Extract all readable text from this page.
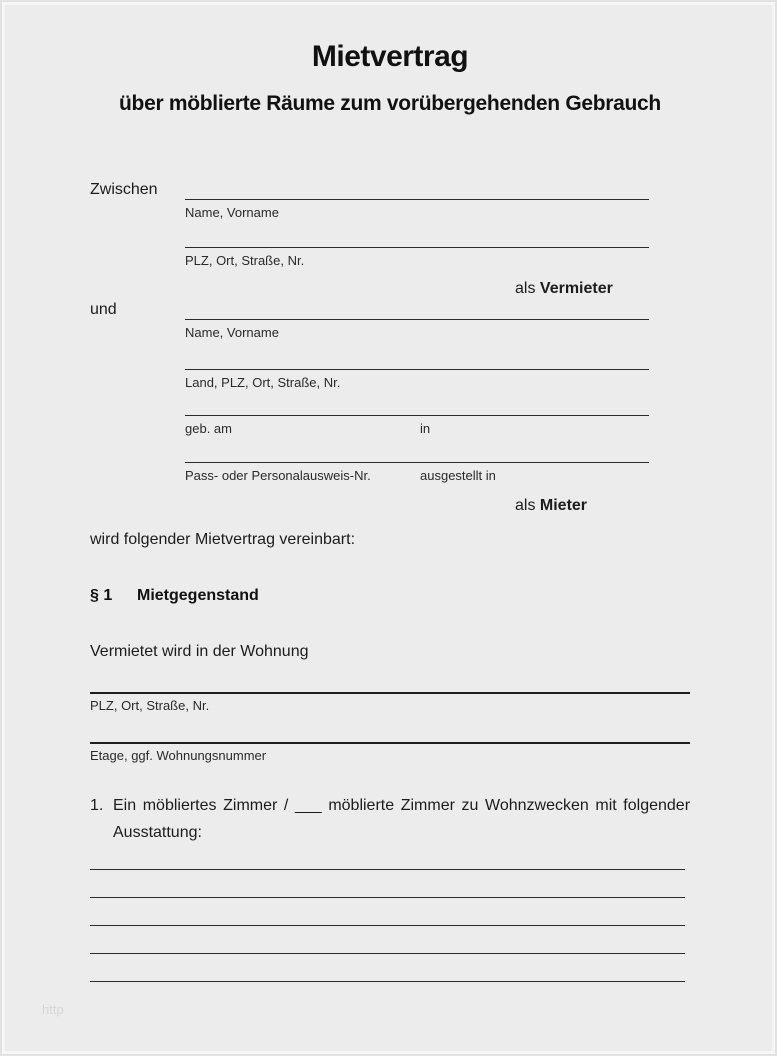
Mietvertrag
über möblierte Räume zum vorübergehenden Gebrauch
Zwischen
Name, Vorname
PLZ, Ort, Straße, Nr.
als Vermieter
und
Name, Vorname
Land, PLZ, Ort, Straße, Nr.
geb. am	in
Pass- oder Personalausweis-Nr.	ausgestellt in
als Mieter

wird folgender Mietvertrag vereinbart:

§ 1 Mietgegenstand

Vermietet wird in der Wohnung

PLZ, Ort, Straße, Nr.
Etage, ggf. Wohnungsnummer

1. Ein möbliertes Zimmer / ___ möblierte Zimmer zu Wohnzwecken mit folgender Ausstattung:

http
